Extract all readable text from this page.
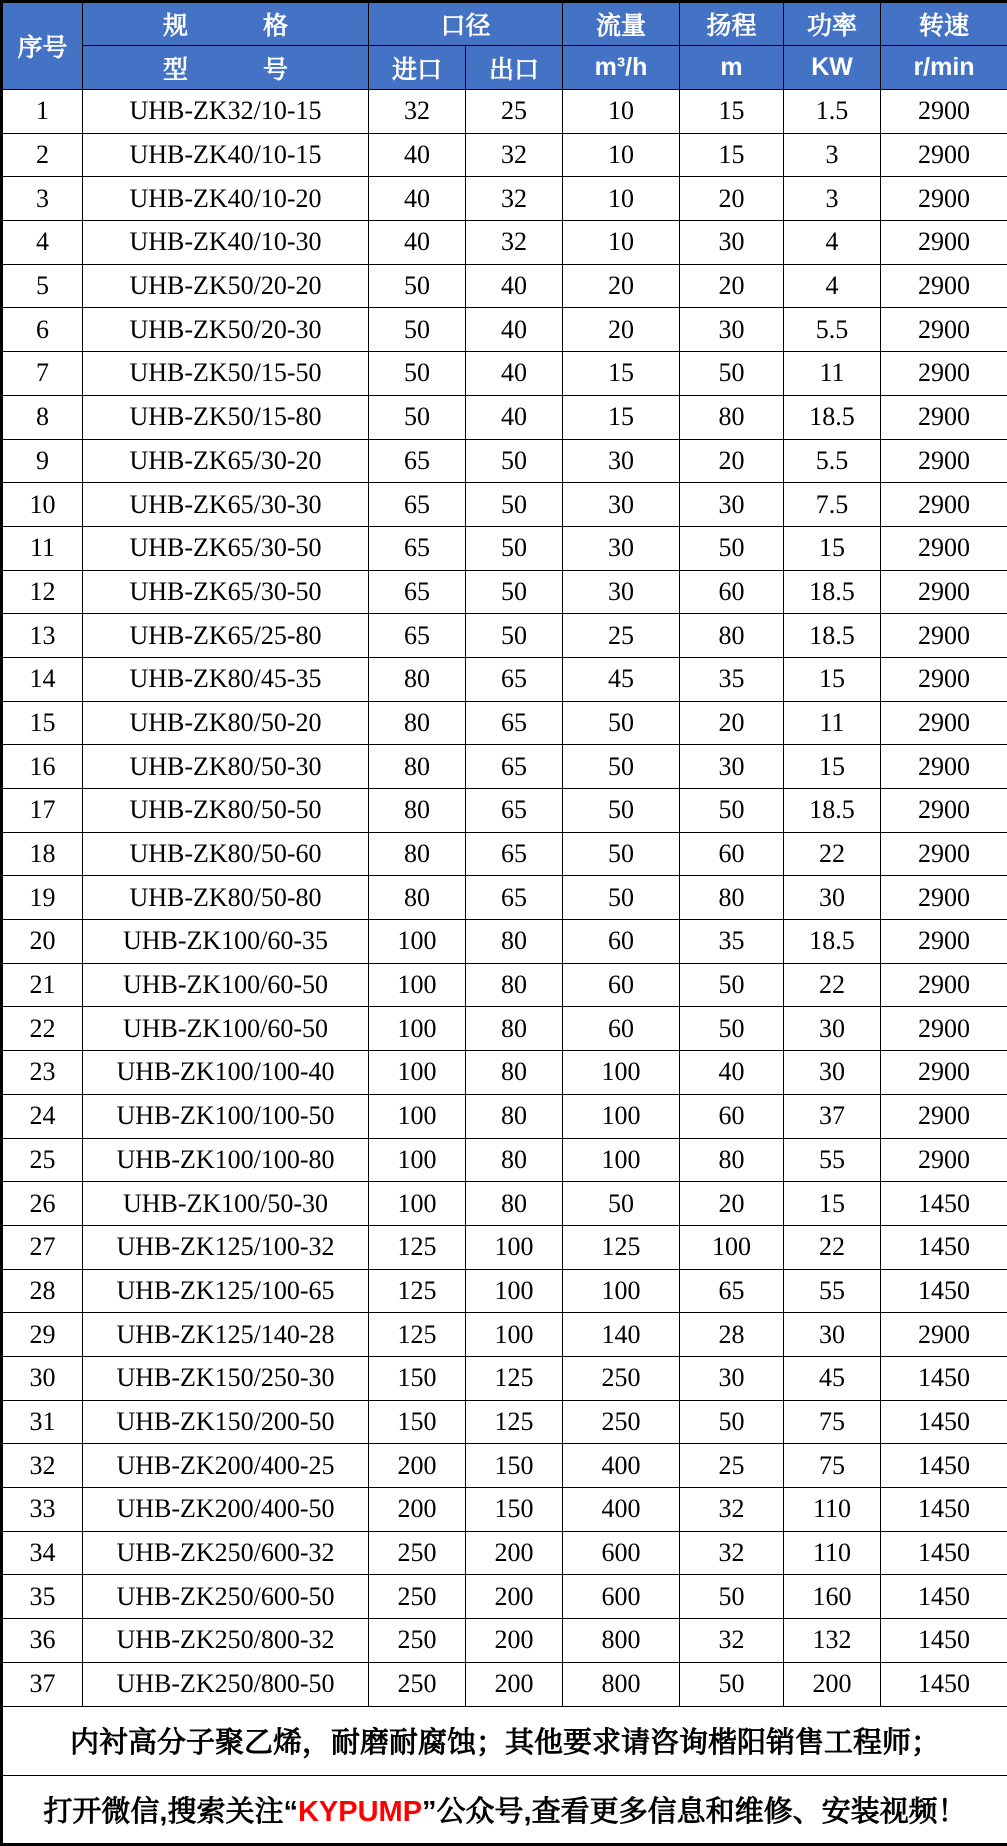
序号	规　　　格	口径		流量	扬程	功率	转速
	型　　　号	进口	出口	m³/h	m	KW	r/min
1	UHB-ZK32/10-15	32	25	10	15	1.5	2900
2	UHB-ZK40/10-15	40	32	10	15	3	2900
3	UHB-ZK40/10-20	40	32	10	20	3	2900
4	UHB-ZK40/10-30	40	32	10	30	4	2900
5	UHB-ZK50/20-20	50	40	20	20	4	2900
6	UHB-ZK50/20-30	50	40	20	30	5.5	2900
7	UHB-ZK50/15-50	50	40	15	50	11	2900
8	UHB-ZK50/15-80	50	40	15	80	18.5	2900
9	UHB-ZK65/30-20	65	50	30	20	5.5	2900
10	UHB-ZK65/30-30	65	50	30	30	7.5	2900
11	UHB-ZK65/30-50	65	50	30	50	15	2900
12	UHB-ZK65/30-50	65	50	30	60	18.5	2900
13	UHB-ZK65/25-80	65	50	25	80	18.5	2900
14	UHB-ZK80/45-35	80	65	45	35	15	2900
15	UHB-ZK80/50-20	80	65	50	20	11	2900
16	UHB-ZK80/50-30	80	65	50	30	15	2900
17	UHB-ZK80/50-50	80	65	50	50	18.5	2900
18	UHB-ZK80/50-60	80	65	50	60	22	2900
19	UHB-ZK80/50-80	80	65	50	80	30	2900
20	UHB-ZK100/60-35	100	80	60	35	18.5	2900
21	UHB-ZK100/60-50	100	80	60	50	22	2900
22	UHB-ZK100/60-50	100	80	60	50	30	2900
23	UHB-ZK100/100-40	100	80	100	40	30	2900
24	UHB-ZK100/100-50	100	80	100	60	37	2900
25	UHB-ZK100/100-80	100	80	100	80	55	2900
26	UHB-ZK100/50-30	100	80	50	20	15	1450
27	UHB-ZK125/100-32	125	100	125	100	22	1450
28	UHB-ZK125/100-65	125	100	100	65	55	1450
29	UHB-ZK125/140-28	125	100	140	28	30	2900
30	UHB-ZK150/250-30	150	125	250	30	45	1450
31	UHB-ZK150/200-50	150	125	250	50	75	1450
32	UHB-ZK200/400-25	200	150	400	25	75	1450
33	UHB-ZK200/400-50	200	150	400	32	110	1450
34	UHB-ZK250/600-32	250	200	600	32	110	1450
35	UHB-ZK250/600-50	250	200	600	50	160	1450
36	UHB-ZK250/800-32	250	200	800	32	132	1450
37	UHB-ZK250/800-50	250	200	800	50	200	1450
内衬高分子聚乙烯，耐磨耐腐蚀；其他要求请咨询楷阳销售工程师；							
打开微信,搜索关注“KYPUMP”公众号,查看更多信息和维修、安装视频！							
